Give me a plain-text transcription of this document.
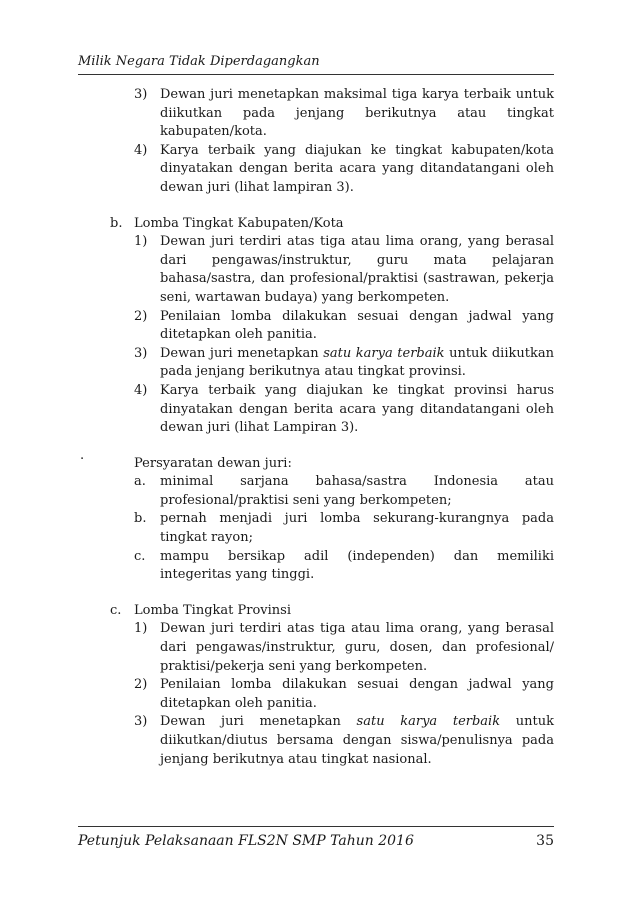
Milik Negara Tidak Diperdagangkan
3) Dewan juri menetapkan maksimal tiga karya terbaik untuk diikutkan pada jenjang berikutnya atau tingkat kabupaten/kota.
4) Karya terbaik yang diajukan ke tingkat kabupaten/kota dinyatakan dengan berita acara yang ditandatangani oleh dewan juri (lihat lampiran 3).
b. Lomba Tingkat Kabupaten/Kota
1) Dewan juri terdiri atas tiga atau lima orang, yang berasal dari pengawas/instruktur, guru mata pelajaran bahasa/sastra, dan profesional/praktisi (sastrawan, pekerja seni, wartawan budaya) yang berkompeten.
2) Penilaian lomba dilakukan sesuai dengan jadwal yang ditetapkan oleh panitia.
3) Dewan juri menetapkan satu karya terbaik untuk diikutkan pada jenjang berikutnya atau tingkat provinsi.
4) Karya terbaik yang diajukan ke tingkat provinsi harus dinyatakan dengan berita acara yang ditandatangani oleh dewan juri (lihat Lampiran 3).
Persyaratan dewan juri:
a. minimal sarjana bahasa/sastra Indonesia atau profesional/praktisi seni yang berkompeten;
b. pernah menjadi juri lomba sekurang-kurangnya pada tingkat rayon;
c. mampu bersikap adil (independen) dan memiliki integeritas yang tinggi.
c. Lomba Tingkat Provinsi
1) Dewan juri terdiri atas tiga atau lima orang, yang berasal dari pengawas/instruktur, guru, dosen, dan profesional/ praktisi/pekerja seni yang berkompeten.
2) Penilaian lomba dilakukan sesuai dengan jadwal yang ditetapkan oleh panitia.
3) Dewan juri menetapkan satu karya terbaik untuk diikutkan/diutus bersama dengan siswa/penulisnya pada jenjang berikutnya atau tingkat nasional.
.
Petunjuk Pelaksanaan FLS2N SMP Tahun 2016	35
